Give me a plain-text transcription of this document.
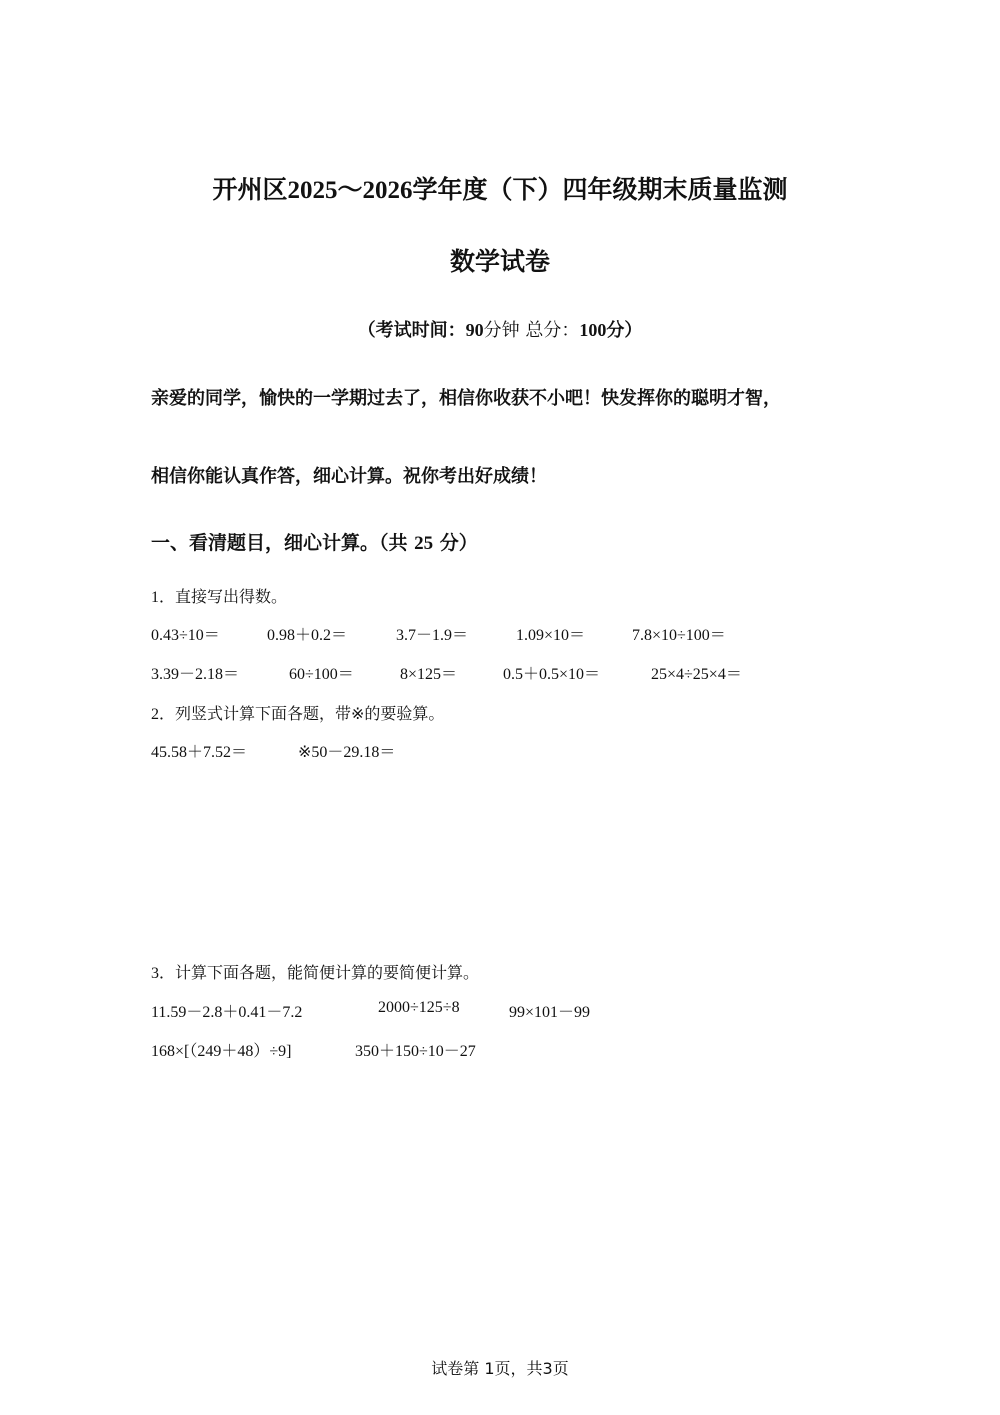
开州区2025～2026学年度（下）四年级期末质量监测
数学试卷
（考试时间：90分钟 总分：100分）
亲爱的同学，愉快的一学期过去了，相信你收获不小吧！快发挥你的聪明才智，
相信你能认真作答，细心计算。祝你考出好成绩！
一、看清题目，细心计算。（共 25 分）
1．直接写出得数。
0.43÷10＝	0.98＋0.2＝	3.7－1.9＝	1.09×10＝	7.8×10÷100＝
3.39－2.18＝	60÷100＝	8×125＝	0.5＋0.5×10＝	25×4÷25×4＝
2．列竖式计算下面各题，带※的要验算。
45.58＋7.52＝	※50－29.18＝
3．计算下面各题，能简便计算的要简便计算。
11.59－2.8＋0.41－7.2	2000÷125÷8	99×101－99
168×[（249＋48）÷9]	350＋150÷10－27
试卷第 1页，共3页
